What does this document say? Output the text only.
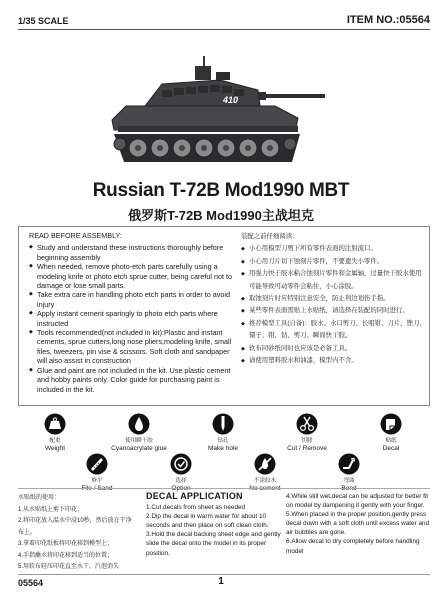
1/35 SCALE	ITEM NO.:05564
410
Russian T-72B Mod1990 MBT
俄罗斯T-72B Mod1990主战坦克
READ BEFORE ASSEMBLY:
◆ Study and understand these instructions thoroughly before beginning assembly
◆ When needed, remove photo-etch parts carefully using a modeling knife or photo etch sprue cutter, being careful not to damage or lose small parts.
◆ Take extra care in handling photo etch parts in order to avoid injury
◆ Apply instant cement sparingly to photo etch parts where instructed
◆ Tools recommended(not included in kit):Plastic and instant cements, sprue cutters,long nose pliers,modeling knife, small files, tweezers, pin vise & scissors. Soft cloth and sandpaper will also assist in construction
◆ Glue and paint are not included in the kit. Use plastic cement and hobby paints only. Color guide for purchasing paint is included in the kit.
装配之前仔细阅读：
◆ 小心用模型刀剪下所有零件表面的注射流口。
◆ 小心用刀片切下蚀刻片零件，不要遗失小零件。
◆ 用强力快干胶水粘合蚀刻片零件和金属轴，过量快干胶水使用可能导致可动零件会粘住，小心涂胶。
◆ 取蚀刻片时应特别注意安全，防止利边划伤手指。
◆ 某些零件表面需贴上水贴纸，请选择在装配的同时进行。
◆ 推荐模型工具(自备)：胶水、水口剪刀、长咀钳、刀片、锉刀、镊子、钳、钻、剪刀、瞬间快干胶。
◆ 软布同砂纸同时也应该是必备工具。
◆ 请使用塑料胶水和油漆，模型内不含。
配重
Weight
使用瞬干胶
Cyanoacrylate glue
钻孔
Make hole
切除
Cut / Remove
贴纸
Decal
修平
File / Sand
选择
Option
不涂胶水
No cement
弯曲
Bend
水贴纸的使用：
1.从水贴纸上剪下印花；
2.将印花放入温水中浸10秒，然后放在干净布上。
3.拿着印花纸板将印花移到模型上；
4.手指蘸水将印花移到适当的位置；
5.用软布轻压印花直至水干，汽泡消失
DECAL APPLICATION
1.Cut decals from sheet as needed
2.Dip the decal in warm water for about 10 seconds and then place on soft clean cloth.
3.Hold the decal backing sheet edge and gently slide the decal onto the model in its proper position.
4.While still wet,decal can be adjusted for better fit on model by dampening it gently with your finger.
5.When placed in the proper position,gently press decal down with a soft cloth until excess water and air bubbles are gone.
6.Allow decal to dry completely before handling model
05564	1
